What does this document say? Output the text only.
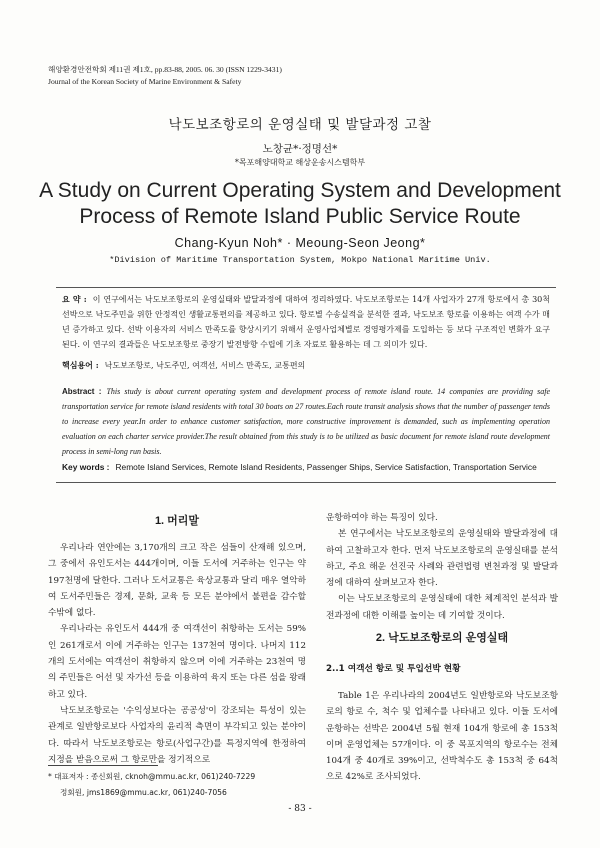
해양환경안전학회 제11권 제1호, pp.83-88, 2005. 06. 30 (ISSN 1229-3431)
Journal of the Korean Society of Marine Environment & Safety
낙도보조항로의 운영실태 및 발달과정 고찰
노창균*·정명선*
*목포해양대학교 해상운송시스템학부
A Study on Current Operating System and Development
Process of Remote Island Public Service Route
Chang-Kyun Noh* · Meoung-Seon Jeong*
*Division of Maritime Transportation System, Mokpo National Maritime Univ.
요 약 : 이 연구에서는 낙도보조항로의 운영실태와 발달과정에 대하여 정리하였다. 낙도보조항로는 14개 사업자가 27개 항로에서 총 30척 선박으로 낙도주민을 위한 안정적인 생활교통편의를 제공하고 있다. 항로별 수송실적을 분석한 결과, 낙도보조 항로를 이용하는 여객 수가 매년 증가하고 있다. 선박 이용자의 서비스 만족도를 향상시키기 위해서 운영사업체별로 경영평가제를 도입하는 등 보다 구조적인 변화가 요구된다. 이 연구의 결과들은 낙도보조항로 중장기 발전방향 수립에 기초 자료로 활용하는 데 그 의미가 있다.
핵심용어 : 낙도보조항로, 낙도주민, 여객선, 서비스 만족도, 교통편의
Abstract : This study is about current operating system and development process of remote island route. 14 companies are providing safe transportation service for remote island residents with total 30 boats on 27 routes.Each route transit analysis shows that the number of passenger tends to increase every year.In order to enhance customer satisfaction, more constructive improvement is demanded, such as implementing operation evaluation on each charter service provider.The result obtained from this study is to be utilized as basic document for remote island route development process in semi-long run basis.
Key words : Remote Island Services, Remote Island Residents, Passenger Ships, Service Satisfaction, Transportation Service
1. 머리말

우리나라 연안에는 3,170개의 크고 작은 섬들이 산재해 있으며, 그 중에서 유인도서는 444개이며, 이들 도서에 거주하는 인구는 약 197천명에 달한다. 그러나 도서교통은 육상교통과 달리 매우 열악하여 도서주민들은 경제, 문화, 교육 등 모든 분야에서 불편을 감수할 수밖에 없다.

우리나라는 유인도서 444개 중 여객선이 취항하는 도서는 59%인 261개로서 이에 거주하는 인구는 137천여 명이다. 나머지 112개의 도서에는 여객선이 취항하지 않으며 이에 거주하는 23천여 명의 주민들은 어선 및 자가선 등을 이용하여 육지 또는 다른 섬을 왕래하고 있다.

낙도보조항로는 '수익성보다는 공공성'이 강조되는 특성이 있는 관계로 일반항로보다 사업자의 윤리적 측면이 부각되고 있는 분야이다. 따라서 낙도보조항로는 항로(사업구간)를 특정지역에 한정하여 지정을 받음으로써 그 항로만을 정기적으로

* 대표저자 : 종신회원, cknoh@mmu.ac.kr, 061)240-7229
정회원, jms1869@mmu.ac.kr, 061)240-7056

운항하여야 하는 특징이 있다.

본 연구에서는 낙도보조항로의 운영실태와 발달과정에 대하여 고찰하고자 한다. 먼저 낙도보조항로의 운영실태를 분석하고, 주요 해운 선진국 사례와 관련법령 변천과정 및 발달과정에 대하여 살펴보고자 한다.

이는 낙도보조항로의 운영실태에 대한 체계적인 분석과 발전과정에 대한 이해를 높이는 데 기여할 것이다.

2. 낙도보조항로의 운영실태
2..1 여객선 항로 및 투입선박 현황

Table 1은 우리나라의 2004년도 일반항로와 낙도보조항로의 항로 수, 척수 및 업체수를 나타내고 있다. 이들 도서에 운항하는 선박은 2004년 5월 현재 104개 항로에 총 153척이며 운영업체는 57개이다. 이 중 목포지역의 항로수는 전체 104개 중 40개로 39%이고, 선박척수도 총 153척 중 64척으로 42%로 조사되었다.

- 83 -
